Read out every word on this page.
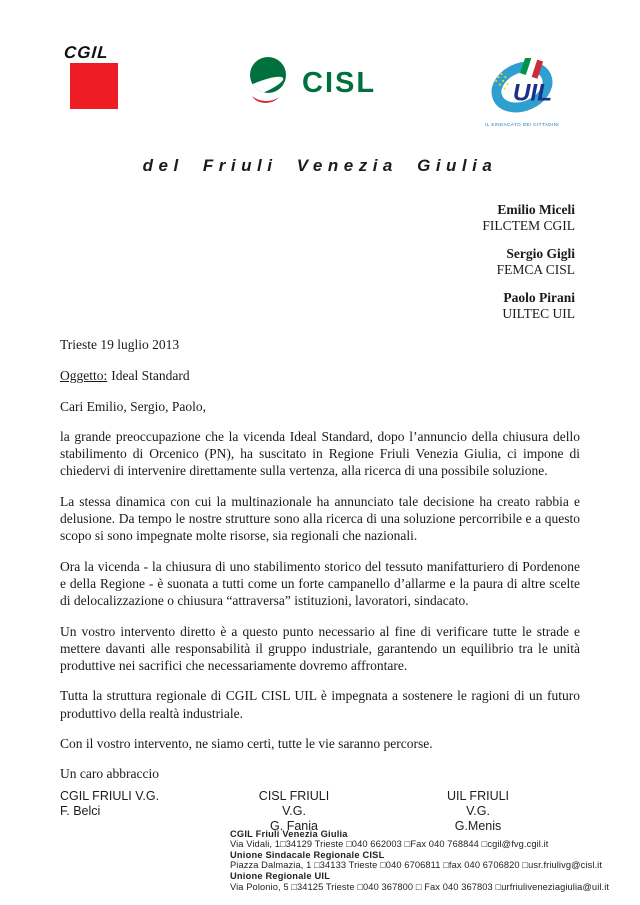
CGIL
CISL	UIL
IL SINDACATO DEI CITTADINI
del Friuli Venezia Giulia
Emilio Miceli
FILCTEM CGIL
Sergio Gigli
FEMCA CISL
Paolo Pirani
UILTEC UIL
Trieste 19 luglio 2013
Oggetto: Ideal Standard
Cari Emilio, Sergio, Paolo,

la grande preoccupazione che la vicenda Ideal Standard, dopo l’annuncio della chiusura dello stabilimento di Orcenico (PN), ha suscitato in Regione Friuli Venezia Giulia, ci impone di chiedervi di intervenire direttamente sulla vertenza, alla ricerca di una possibile soluzione.

La stessa dinamica con cui la multinazionale ha annunciato tale decisione ha creato rabbia e delusione. Da tempo le nostre strutture sono alla ricerca di una soluzione percorribile e a questo scopo si sono impegnate molte risorse, sia regionali che nazionali.

Ora la vicenda - la chiusura di uno stabilimento storico del tessuto manifatturiero di Pordenone e della Regione - è suonata a tutti come un forte campanello d’allarme e la paura di altre scelte di delocalizzazione o chiusura “attraversa” istituzioni, lavoratori, sindacato.

Un vostro intervento diretto è a questo punto necessario al fine di verificare tutte le strade e mettere davanti alle responsabilità il gruppo industriale, garantendo un equilibrio tra le unità produttive nei sacrifici che necessariamente dovremo affrontare.

Tutta la struttura regionale di CGIL CISL UIL è impegnata a sostenere le ragioni di un futuro produttivo della realtà industriale.

Con il vostro intervento, ne siamo certi, tutte le vie saranno percorse.

Un caro abbraccio

CGIL FRIULI V.G.
F. Belci
CISL FRIULI V.G.
G. Fania
UIL FRIULI V.G.
G.Menis
CGIL Friuli Venezia Giulia
Via Vidali, 1□34129 Trieste □040 662003 □Fax 040 768844 □cgil@fvg.cgil.it
Unione Sindacale Regionale CISL
Piazza Dalmazia, 1 □34133 Trieste □040 6706811 □fax 040 6706820 □usr.friulivg@cisl.it
Unione Regionale UIL
Via Polonio, 5 □34125 Trieste □040 367800 □ Fax 040 367803 □urfriuliveneziagiulia@uil.it
